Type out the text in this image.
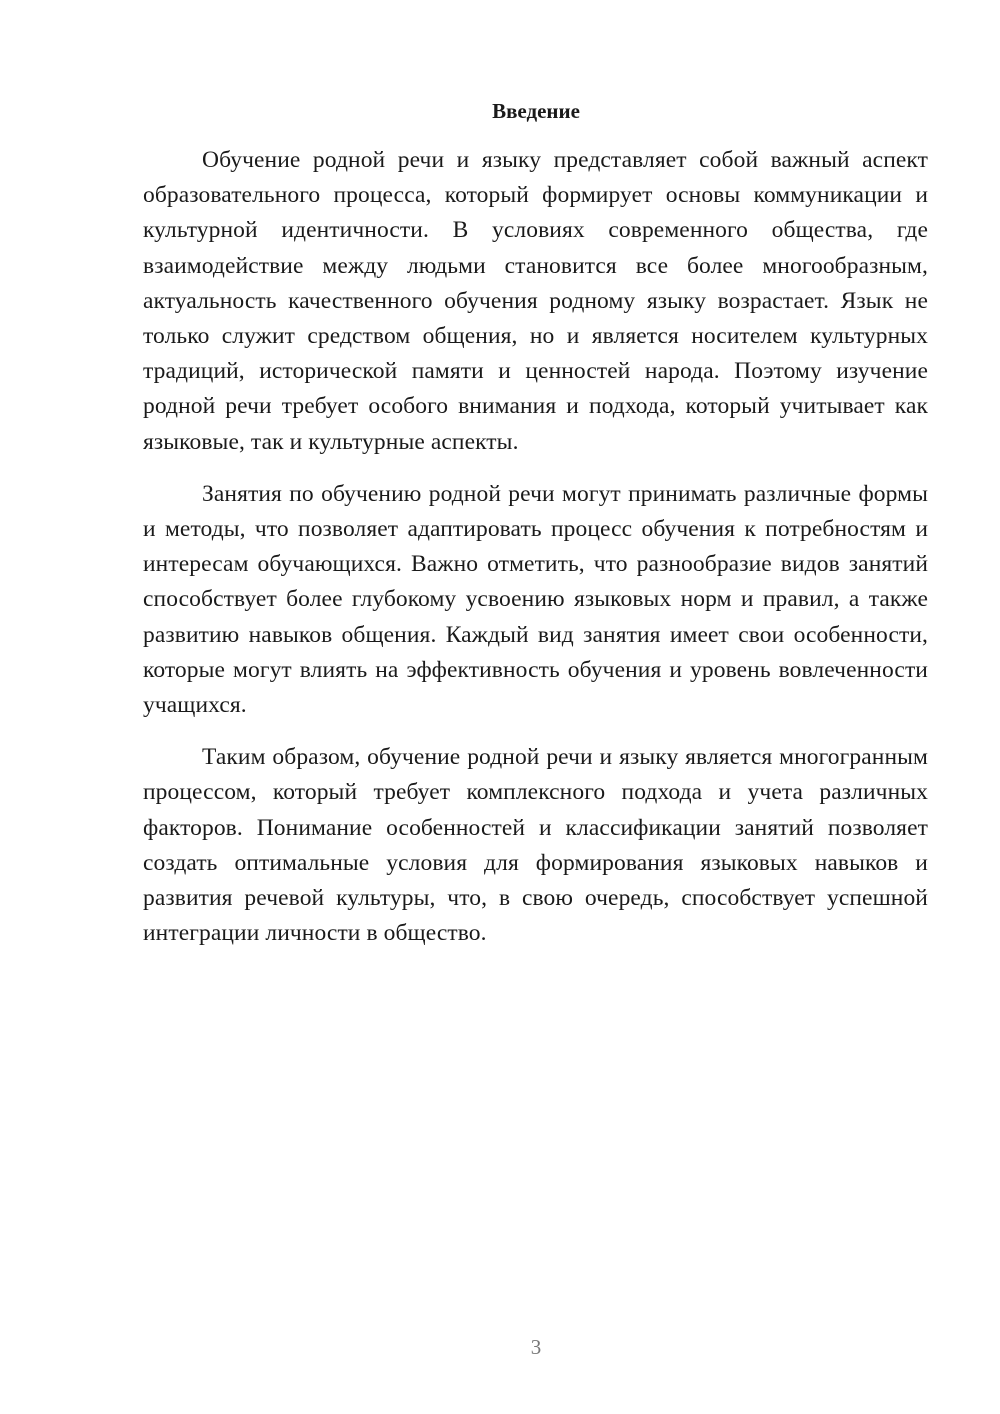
Введение

Обучение родной речи и языку представляет собой важный аспект образовательного процесса, который формирует основы коммуникации и культурной идентичности. В условиях современного общества, где взаимодействие между людьми становится все более многообразным, актуальность качественного обучения родному языку возрастает. Язык не только служит средством общения, но и является носителем культурных традиций, исторической памяти и ценностей народа. Поэтому изучение родной речи требует особого внимания и подхода, который учитывает как языковые, так и культурные аспекты.

Занятия по обучению родной речи могут принимать различные формы и методы, что позволяет адаптировать процесс обучения к потребностям и интересам обучающихся. Важно отметить, что разнообразие видов занятий способствует более глубокому усвоению языковых норм и правил, а также развитию навыков общения. Каждый вид занятия имеет свои особенности, которые могут влиять на эффективность обучения и уровень вовлеченности учащихся.

Таким образом, обучение родной речи и языку является многогранным процессом, который требует комплексного подхода и учета различных факторов. Понимание особенностей и классификации занятий позволяет создать оптимальные условия для формирования языковых навыков и развития речевой культуры, что, в свою очередь, способствует успешной интеграции личности в общество.

3
